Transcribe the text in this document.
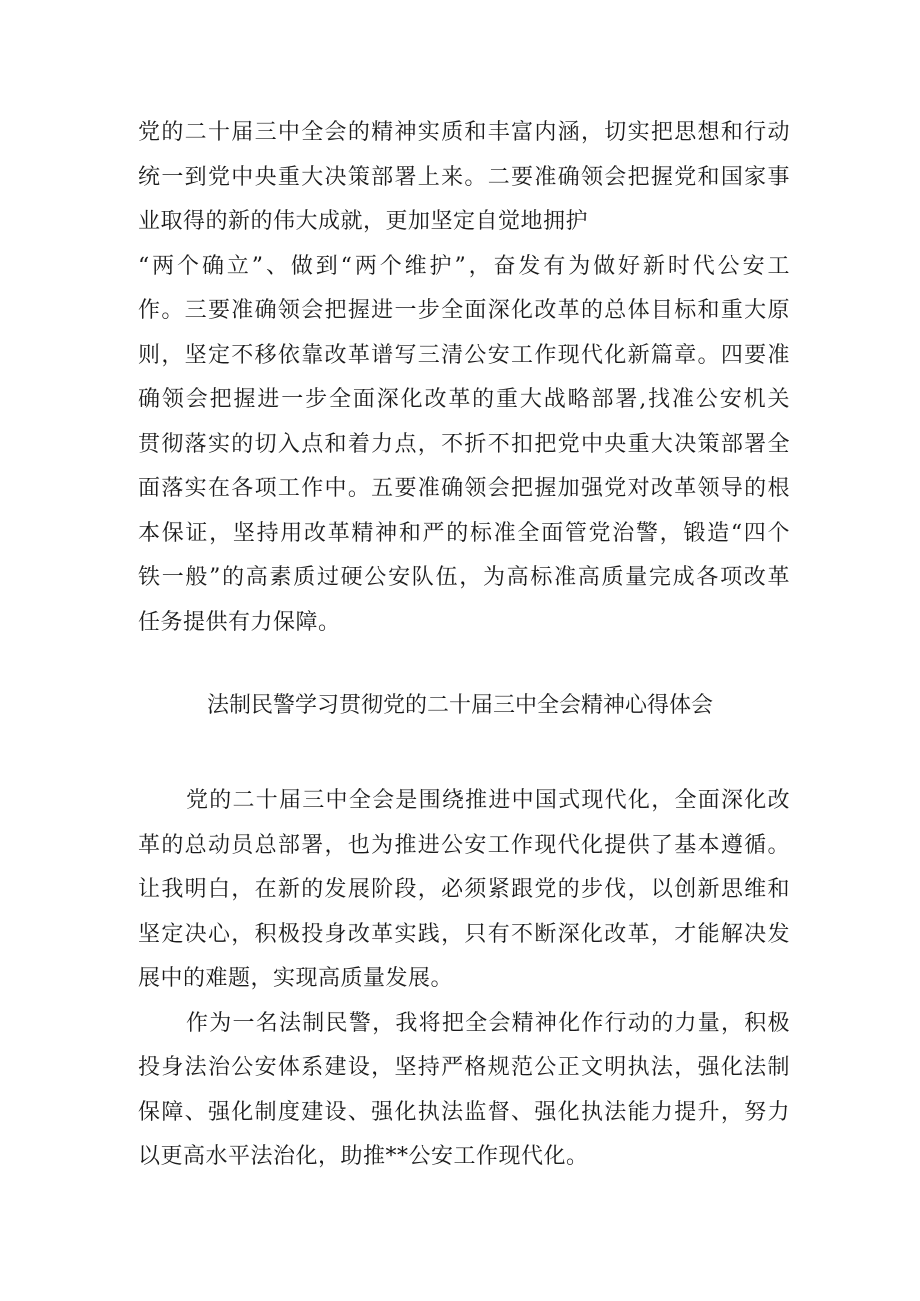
党的二十届三中全会的精神实质和丰富内涵，切实把思想和行动
统一到党中央重大决策部署上来。二要准确领会把握党和国家事
业取得的新的伟大成就，更加坚定自觉地拥护
“两个确立”、做到“两个维护”，奋发有为做好新时代公安工
作。三要准确领会把握进一步全面深化改革的总体目标和重大原
则，坚定不移依靠改革谱写三清公安工作现代化新篇章。四要准
确领会把握进一步全面深化改革的重大战略部署,找准公安机关
贯彻落实的切入点和着力点，不折不扣把党中央重大决策部署全
面落实在各项工作中。五要准确领会把握加强党对改革领导的根
本保证，坚持用改革精神和严的标准全面管党治警，锻造“四个
铁一般”的高素质过硬公安队伍，为高标准高质量完成各项改革
任务提供有力保障。
法制民警学习贯彻党的二十届三中全会精神心得体会
党的二十届三中全会是围绕推进中国式现代化，全面深化改
革的总动员总部署，也为推进公安工作现代化提供了基本遵循。
让我明白，在新的发展阶段，必须紧跟党的步伐，以创新思维和
坚定决心，积极投身改革实践，只有不断深化改革，才能解决发
展中的难题，实现高质量发展。
作为一名法制民警，我将把全会精神化作行动的力量，积极
投身法治公安体系建设，坚持严格规范公正文明执法，强化法制
保障、强化制度建设、强化执法监督、强化执法能力提升，努力
以更高水平法治化，助推**公安工作现代化。
